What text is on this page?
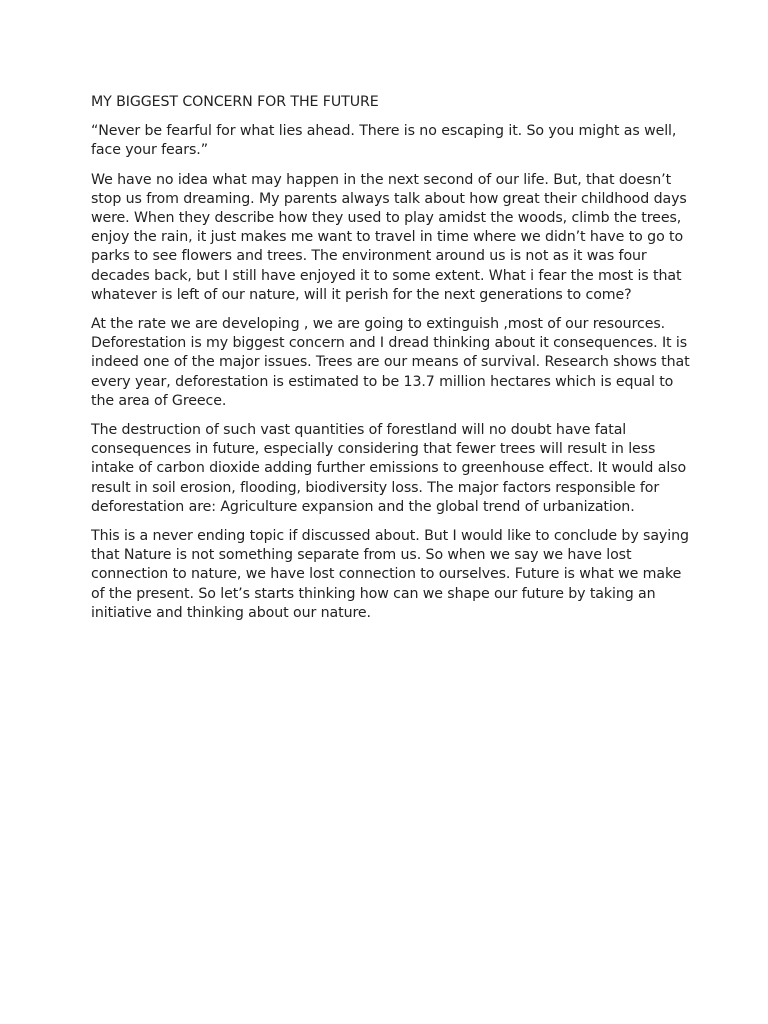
MY BIGGEST CONCERN FOR THE FUTURE

“Never be fearful for what lies ahead. There is no escaping it. So you might as well, face your fears.”

We have no idea what may happen in the next second of our life. But, that doesn’t stop us from dreaming. My parents always talk about how great their childhood days were. When they describe how they used to play amidst the woods, climb the trees, enjoy the rain, it just makes me want to travel in time where we didn’t have to go to parks to see flowers and trees. The environment around us is not as it was four decades back, but I still have enjoyed it to some extent. What i fear the most is that whatever is left of our nature, will it perish for the next generations to come?

At the rate we are developing , we are going to extinguish ,most of our resources. Deforestation is my biggest concern and I dread thinking about it consequences. It is indeed one of the major issues. Trees are our means of survival. Research shows that every year, deforestation is estimated to be 13.7 million hectares which is equal to the area of Greece.

The destruction of such vast quantities of forestland will no doubt have fatal consequences in future, especially considering that fewer trees will result in less intake of carbon dioxide adding further emissions to greenhouse effect. It would also result in soil erosion, flooding, biodiversity loss. The major factors responsible for deforestation are: Agriculture expansion and the global trend of urbanization.

This is a never ending topic if discussed about. But I would like to conclude by saying that Nature is not something separate from us. So when we say we have lost connection to nature, we have lost connection to ourselves. Future is what we make of the present. So let’s starts thinking how can we shape our future by taking an initiative and thinking about our nature.
